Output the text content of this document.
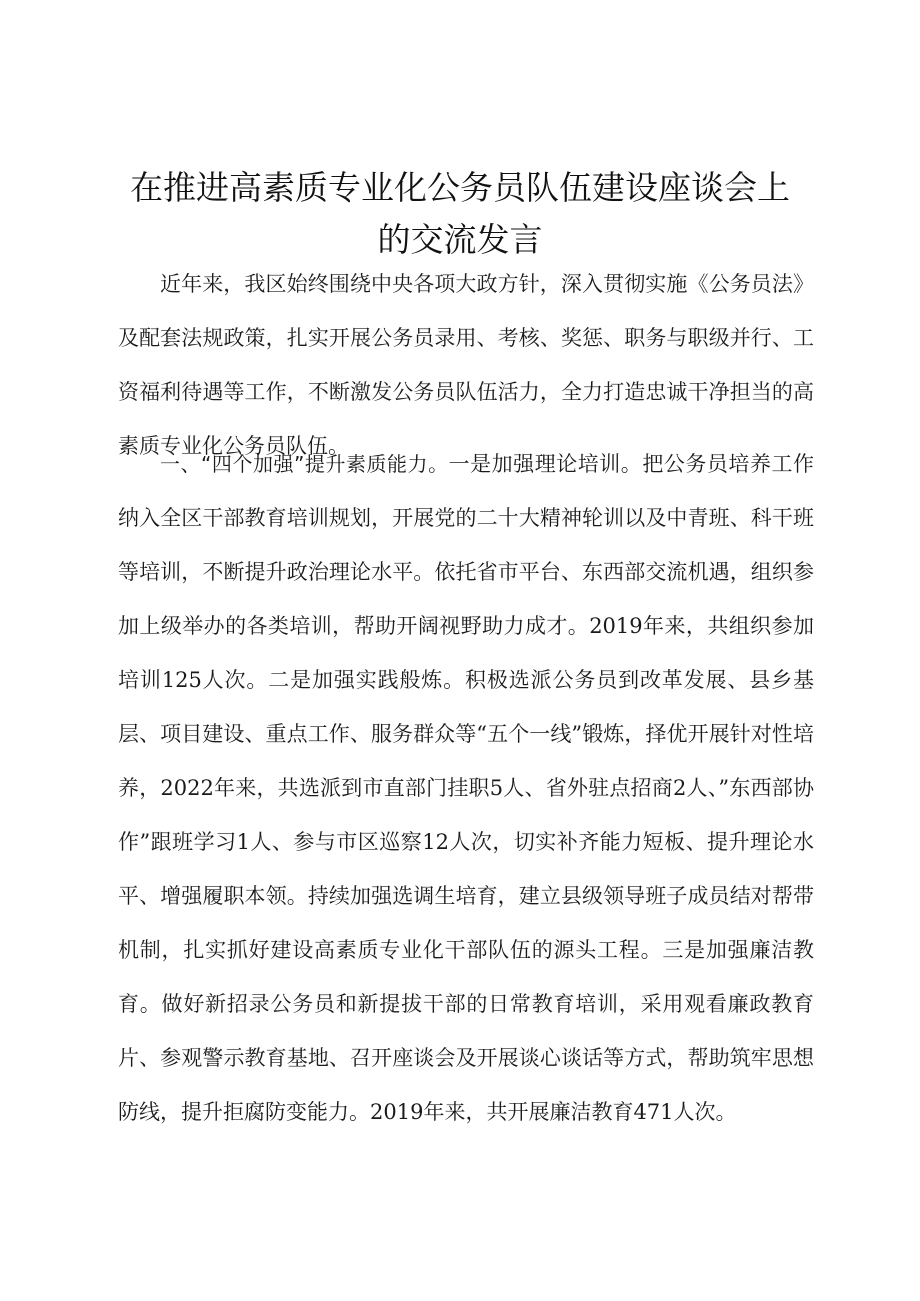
在推进高素质专业化公务员队伍建设座谈会上
的交流发言

近年来，我区始终围绕中央各项大政方针，深入贯彻实施《公务员法》及配套法规政策，扎实开展公务员录用、考核、奖惩、职务与职级并行、工资福利待遇等工作，不断激发公务员队伍活力，全力打造忠诚干净担当的高素质专业化公务员队伍。

一、“四个加强”提升素质能力。一是加强理论培训。把公务员培养工作纳入全区干部教育培训规划，开展党的二十大精神轮训以及中青班、科干班等培训，不断提升政治理论水平。依托省市平台、东西部交流机遇，组织参加上级举办的各类培训，帮助开阔视野助力成才。2019年来，共组织参加培训125人次。二是加强实践般炼。积极选派公务员到改革发展、县乡基层、项目建设、重点工作、服务群众等“五个一线”锻炼，择优开展针对性培养，2022年来，共选派到市直部门挂职5人、省外驻点招商2人、”东西部协作”跟班学习1人、参与市区巡察12人次，切实补齐能力短板、提升理论水平、增强履职本领。持续加强选调生培育，建立县级领导班子成员结对帮带机制，扎实抓好建设高素质专业化干部队伍的源头工程。三是加强廉洁教育。做好新招录公务员和新提拔干部的日常教育培训，采用观看廉政教育片、参观警示教育基地、召开座谈会及开展谈心谈话等方式，帮助筑牢思想防线，提升拒腐防变能力。2019年来，共开展廉洁教育471人次。
